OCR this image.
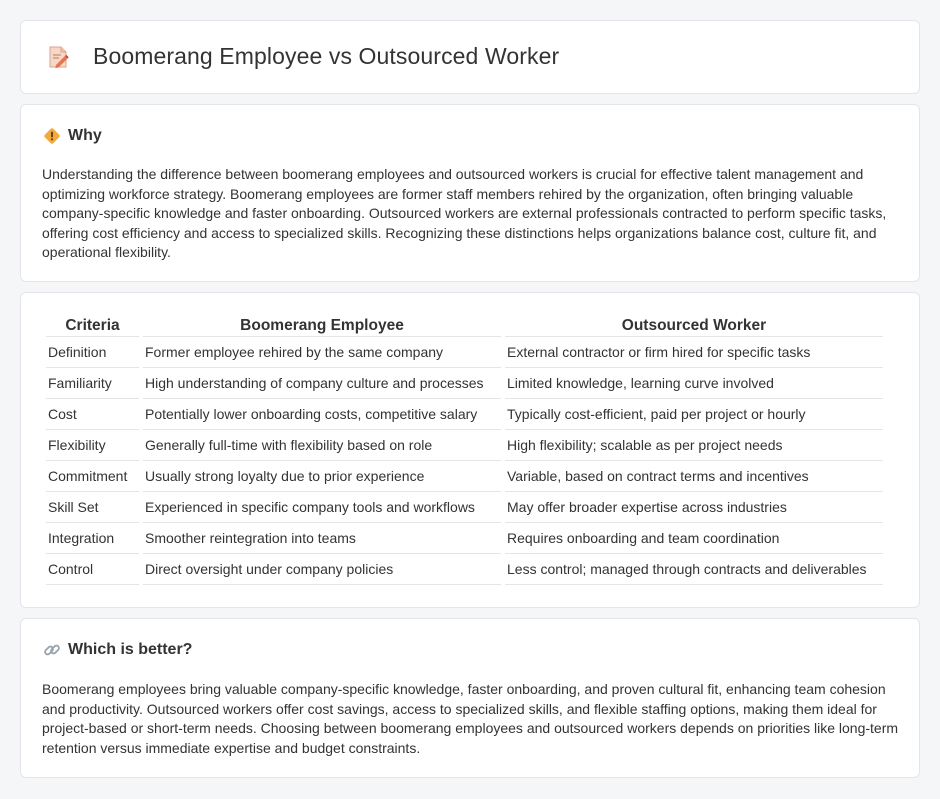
Boomerang Employee vs Outsourced Worker
Why

Understanding the difference between boomerang employees and outsourced workers is crucial for effective talent management and optimizing workforce strategy. Boomerang employees are former staff members rehired by the organization, often bringing valuable company-specific knowledge and faster onboarding. Outsourced workers are external professionals contracted to perform specific tasks, offering cost efficiency and access to specialized skills. Recognizing these distinctions helps organizations balance cost, culture fit, and operational flexibility.

Criteria	Boomerang Employee	Outsourced Worker
Definition	Former employee rehired by the same company	External contractor or firm hired for specific tasks
Familiarity	High understanding of company culture and processes	Limited knowledge, learning curve involved
Cost	Potentially lower onboarding costs, competitive salary	Typically cost-efficient, paid per project or hourly
Flexibility	Generally full-time with flexibility based on role	High flexibility; scalable as per project needs
Commitment	Usually strong loyalty due to prior experience	Variable, based on contract terms and incentives
Skill Set	Experienced in specific company tools and workflows	May offer broader expertise across industries
Integration	Smoother reintegration into teams	Requires onboarding and team coordination
Control	Direct oversight under company policies	Less control; managed through contracts and deliverables
Which is better?

Boomerang employees bring valuable company-specific knowledge, faster onboarding, and proven cultural fit, enhancing team cohesion and productivity. Outsourced workers offer cost savings, access to specialized skills, and flexible staffing options, making them ideal for project-based or short-term needs. Choosing between boomerang employees and outsourced workers depends on priorities like long-term retention versus immediate expertise and budget constraints.
